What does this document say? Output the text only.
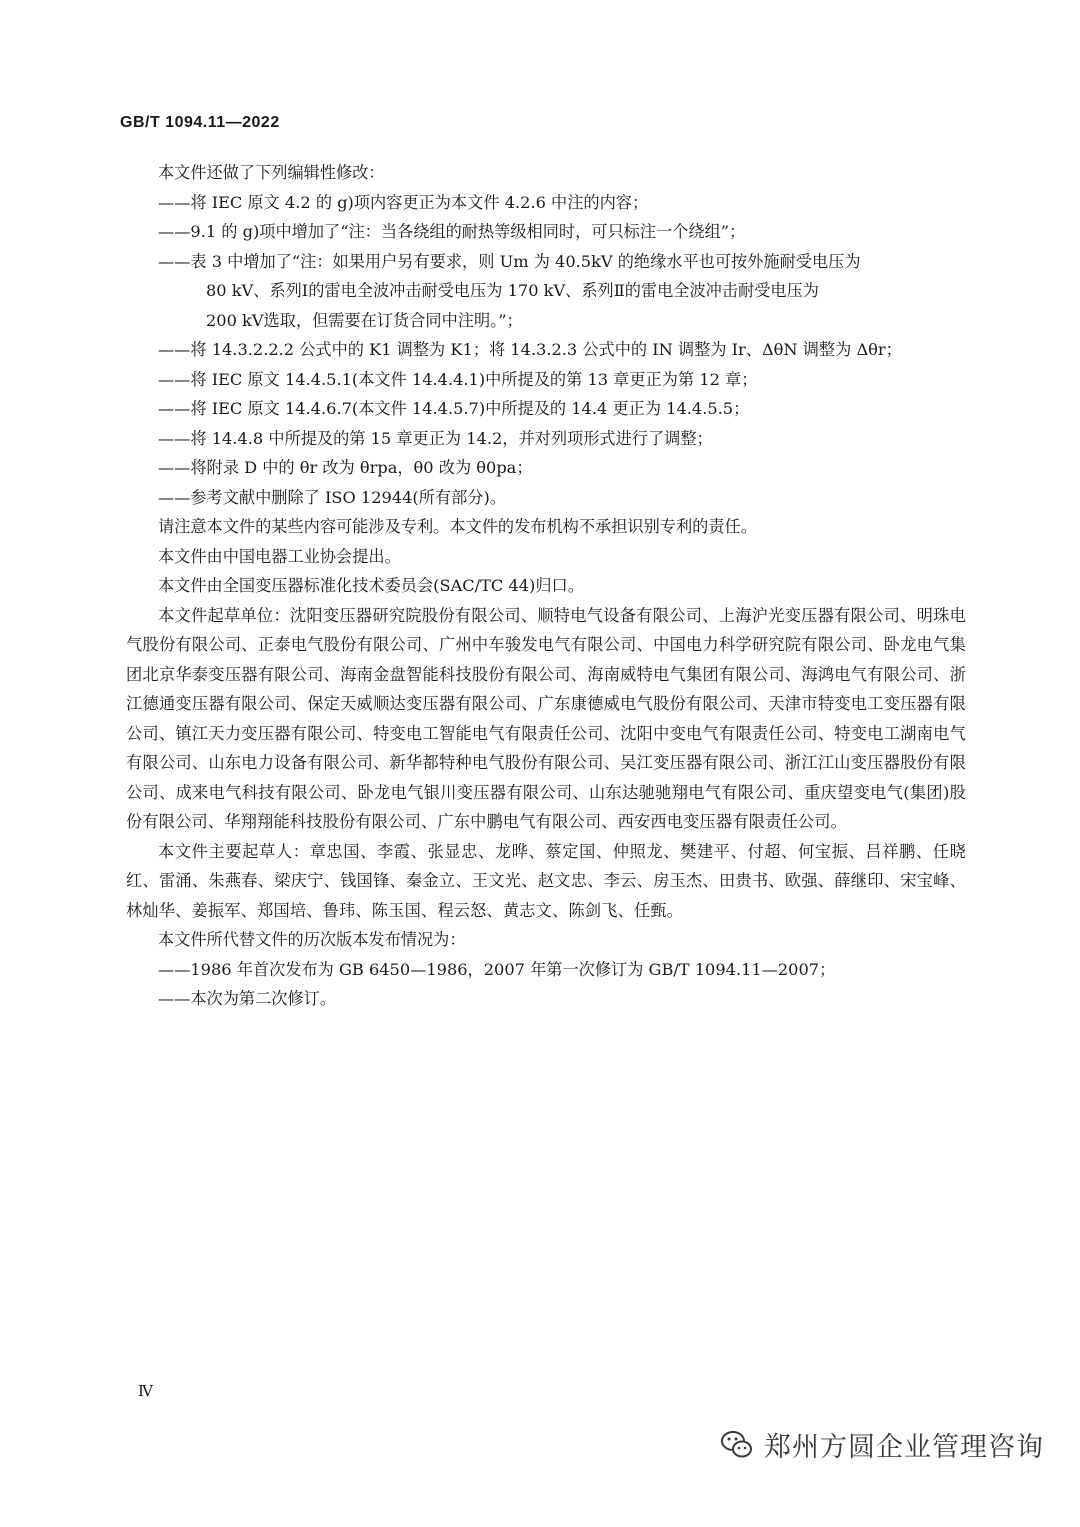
GB/T 1094.11—2022

本文件还做了下列编辑性修改：

——将 IEC 原文 4.2 的 g)项内容更正为本文件 4.2.6 中注的内容；

——9.1 的 g)项中增加了“注：当各绕组的耐热等级相同时，可只标注一个绕组”；

——表 3 中增加了“注：如果用户另有要求，则 Um 为 40.5kV 的绝缘水平也可按外施耐受电压为

80 kV、系列Ⅰ的雷电全波冲击耐受电压为 170 kV、系列Ⅱ的雷电全波冲击耐受电压为

200 kV选取，但需要在订货合同中注明。”；

——将 14.3.2.2.2 公式中的 K1 调整为 K1；将 14.3.2.3 公式中的 IN 调整为 Ir、ΔθN 调整为 Δθr；

——将 IEC 原文 14.4.5.1(本文件 14.4.4.1)中所提及的第 13 章更正为第 12 章；

——将 IEC 原文 14.4.6.7(本文件 14.4.5.7)中所提及的 14.4 更正为 14.4.5.5；

——将 14.4.8 中所提及的第 15 章更正为 14.2，并对列项形式进行了调整；

——将附录 D 中的 θr 改为 θrpa，θ0 改为 θ0pa；

——参考文献中删除了 ISO 12944(所有部分)。

请注意本文件的某些内容可能涉及专利。本文件的发布机构不承担识别专利的责任。

本文件由中国电器工业协会提出。

本文件由全国变压器标准化技术委员会(SAC/TC 44)归口。

本文件起草单位：沈阳变压器研究院股份有限公司、顺特电气设备有限公司、上海沪光变压器有限公司、明珠电气股份有限公司、正泰电气股份有限公司、广州中车骏发电气有限公司、中国电力科学研究院有限公司、卧龙电气集团北京华泰变压器有限公司、海南金盘智能科技股份有限公司、海南威特电气集团有限公司、海鸿电气有限公司、浙江德通变压器有限公司、保定天威顺达变压器有限公司、广东康德威电气股份有限公司、天津市特变电工变压器有限公司、镇江天力变压器有限公司、特变电工智能电气有限责任公司、沈阳中变电气有限责任公司、特变电工湖南电气有限公司、山东电力设备有限公司、新华都特种电气股份有限公司、吴江变压器有限公司、浙江江山变压器股份有限公司、成来电气科技有限公司、卧龙电气银川变压器有限公司、山东达驰驰翔电气有限公司、重庆望变电气(集团)股份有限公司、华翔翔能科技股份有限公司、广东中鹏电气有限公司、西安西电变压器有限责任公司。

本文件主要起草人：章忠国、李霞、张显忠、龙晔、蔡定国、仲照龙、樊建平、付超、何宝振、吕祥鹏、任晓红、雷涌、朱燕春、梁庆宁、钱国锋、秦金立、王文光、赵文忠、李云、房玉杰、田贵书、欧强、薛继印、宋宝峰、林灿华、姜振军、郑国培、鲁玮、陈玉国、程云怒、黄志文、陈剑飞、任甄。

本文件所代替文件的历次版本发布情况为：

——1986 年首次发布为 GB 6450—1986，2007 年第一次修订为 GB/T 1094.11—2007；

——本次为第二次修订。

Ⅳ
郑州方圆企业管理咨询
